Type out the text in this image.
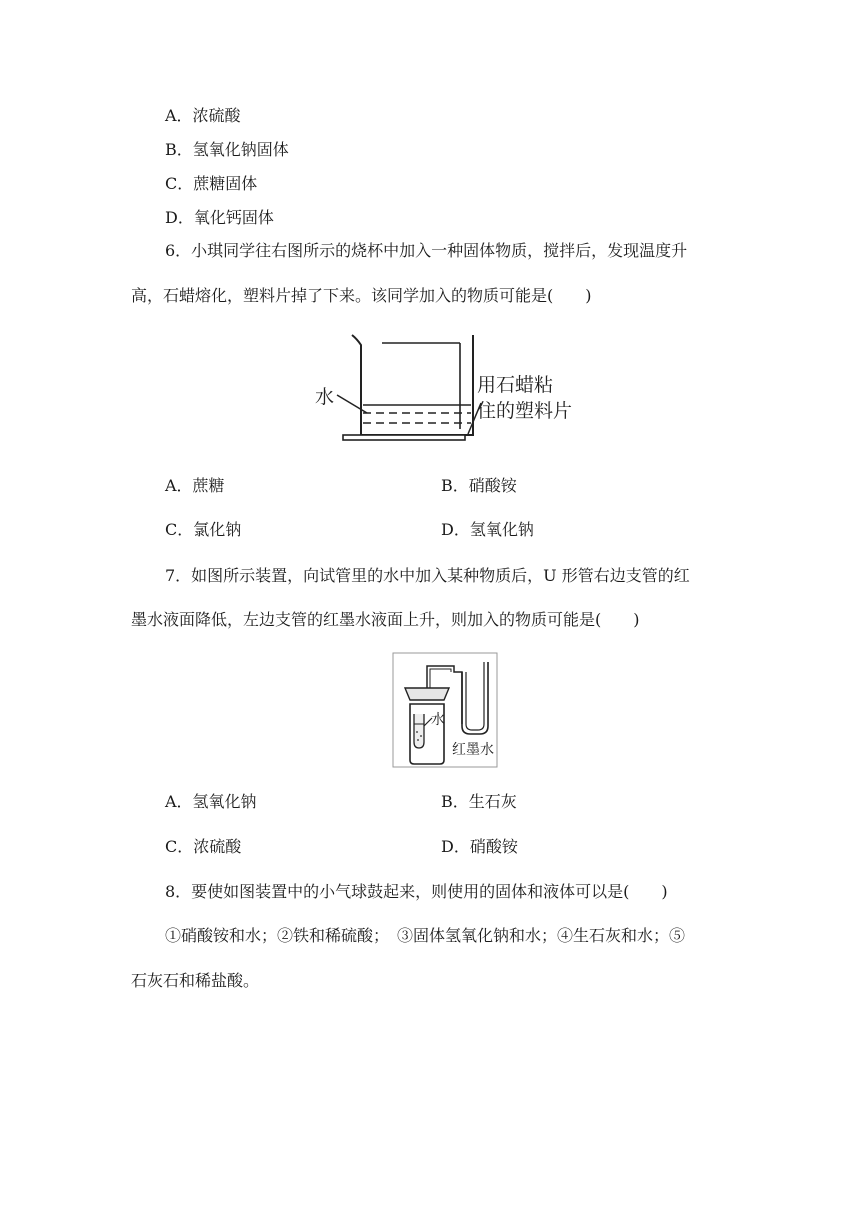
A．浓硫酸
B．氢氧化钠固体
C．蔗糖固体
D．氧化钙固体
6．小琪同学往右图所示的烧杯中加入一种固体物质，搅拌后，发现温度升
高，石蜡熔化，塑料片掉了下来。该同学加入的物质可能是(　　)
水
用石蜡粘
住的塑料片
A．蔗糖	B．硝酸铵
C．氯化钠	D．氢氧化钠
7．如图所示装置，向试管里的水中加入某种物质后，U 形管右边支管的红
墨水液面降低，左边支管的红墨水液面上升，则加入的物质可能是(　　)
水
红墨水
A．氢氧化钠	B．生石灰
C．浓硫酸	D．硝酸铵
8．要使如图装置中的小气球鼓起来，则使用的固体和液体可以是(　　)
①硝酸铵和水；②铁和稀硫酸；　③固体氢氧化钠和水；④生石灰和水；⑤
石灰石和稀盐酸。
